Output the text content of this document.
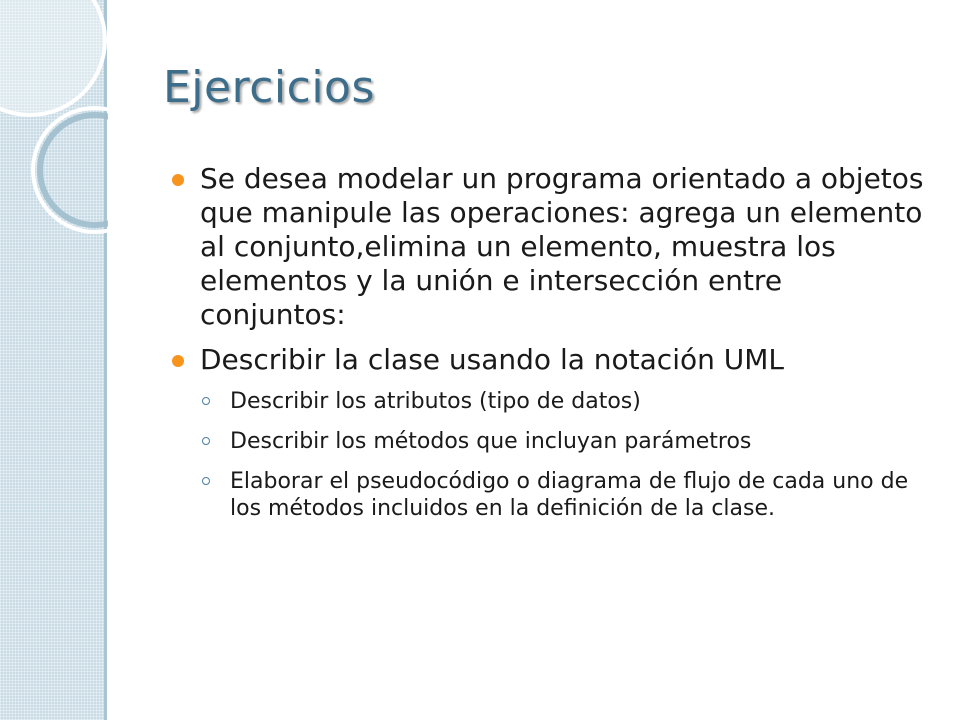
Ejercicios
Se desea modelar un programa orientado a objetos que manipule las operaciones: agrega un elemento al conjunto,elimina un elemento, muestra los elementos y la unión e intersección entre conjuntos:
Describir la clase usando la notación UML
Describir los atributos (tipo de datos)
Describir los métodos que incluyan parámetros
Elaborar el pseudocódigo o diagrama de flujo de cada uno de los métodos incluidos en la definición de la clase.
